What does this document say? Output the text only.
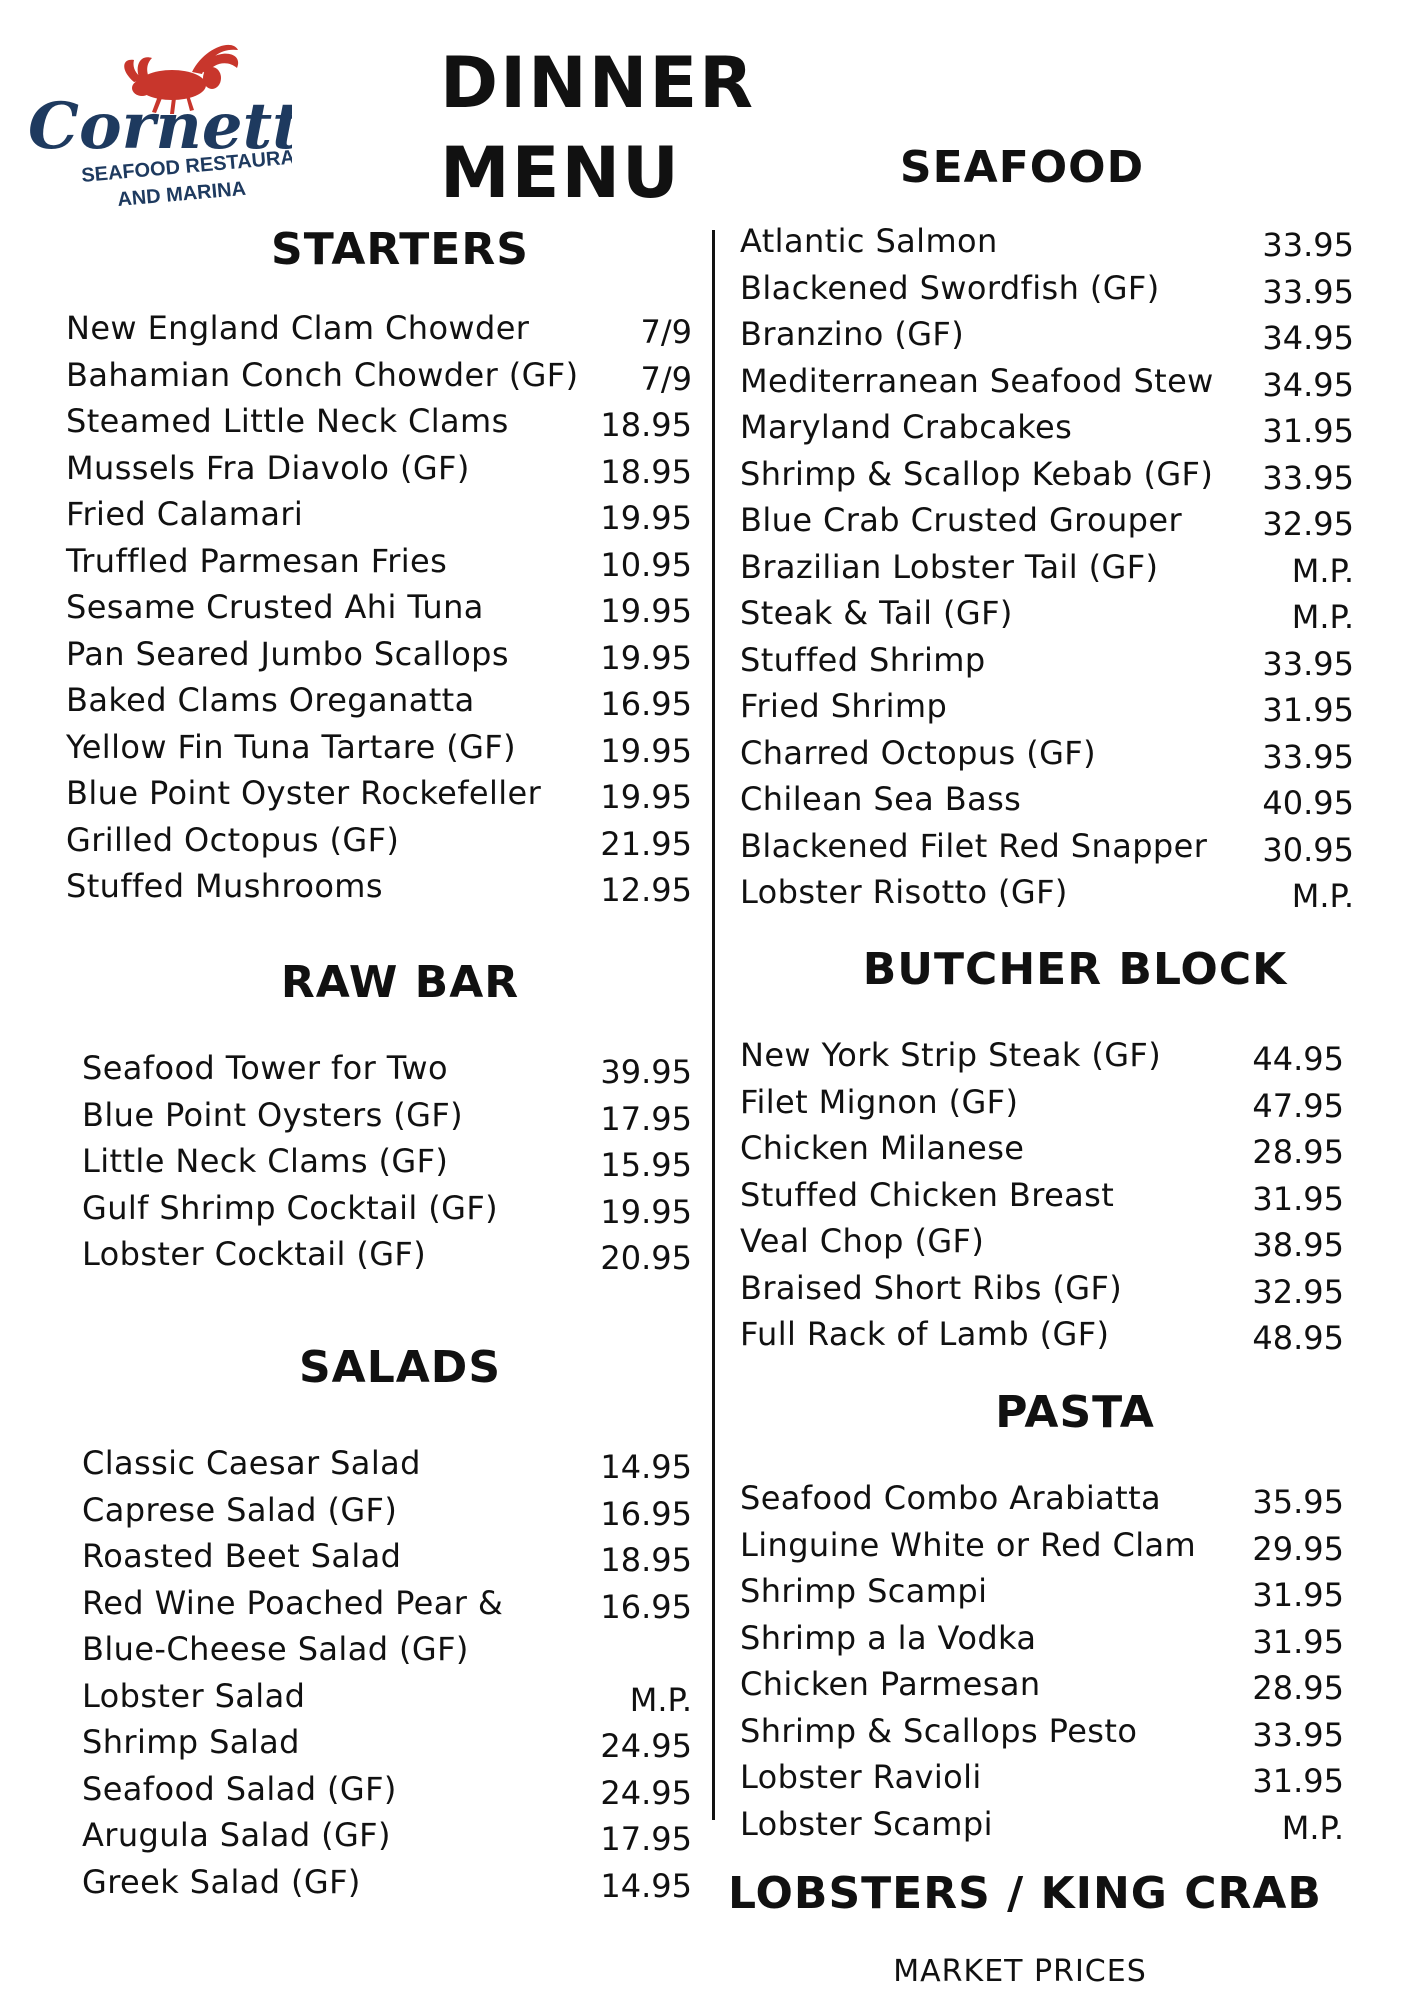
Cornet
SEAFOOD RESTAURANT
AND MARINA
DINNER MENU
STARTERS
New England Clam Chowder	7/9
Bahamian Conch Chowder (GF)	7/9
Steamed Little Neck Clams	18.95
Mussels Fra Diavolo (GF)	18.95
Fried Calamari	19.95
Truffled Parmesan Fries	10.95
Sesame Crusted Ahi Tuna	19.95
Pan Seared Jumbo Scallops	19.95
Baked Clams Oreganatta	16.95
Yellow Fin Tuna Tartare (GF)	19.95
Blue Point Oyster Rockefeller	19.95
Grilled Octopus (GF)	21.95
Stuffed Mushrooms	12.95
RAW BAR
Seafood Tower for Two	39.95
Blue Point Oysters (GF)	17.95
Little Neck Clams (GF)	15.95
Gulf Shrimp Cocktail (GF)	19.95
Lobster Cocktail (GF)	20.95
SALADS
Classic Caesar Salad	14.95
Caprese Salad (GF)	16.95
Roasted Beet Salad	18.95
Red Wine Poached Pear &	16.95
Blue-Cheese Salad (GF)
Lobster Salad	M.P.
Shrimp Salad	24.95
Seafood Salad (GF)	24.95
Arugula Salad (GF)	17.95
Greek Salad (GF)	14.95
SEAFOOD
Atlantic Salmon	33.95
Blackened Swordfish (GF)	33.95
Branzino (GF)	34.95
Mediterranean Seafood Stew	34.95
Maryland Crabcakes	31.95
Shrimp & Scallop Kebab (GF)	33.95
Blue Crab Crusted Grouper	32.95
Brazilian Lobster Tail (GF)	M.P.
Steak & Tail (GF)	M.P.
Stuffed Shrimp	33.95
Fried Shrimp	31.95
Charred Octopus (GF)	33.95
Chilean Sea Bass	40.95
Blackened Filet Red Snapper	30.95
Lobster Risotto (GF)	M.P.
BUTCHER BLOCK
New York Strip Steak (GF)	44.95
Filet Mignon (GF)	47.95
Chicken Milanese	28.95
Stuffed Chicken Breast	31.95
Veal Chop (GF)	38.95
Braised Short Ribs (GF)	32.95
Full Rack of Lamb (GF)	48.95
PASTA
Seafood Combo Arabiatta	35.95
Linguine White or Red Clam	29.95
Shrimp Scampi	31.95
Shrimp a la Vodka	31.95
Chicken Parmesan	28.95
Shrimp & Scallops Pesto	33.95
Lobster Ravioli	31.95
Lobster Scampi	M.P.
LOBSTERS / KING CRAB
MARKET PRICES
